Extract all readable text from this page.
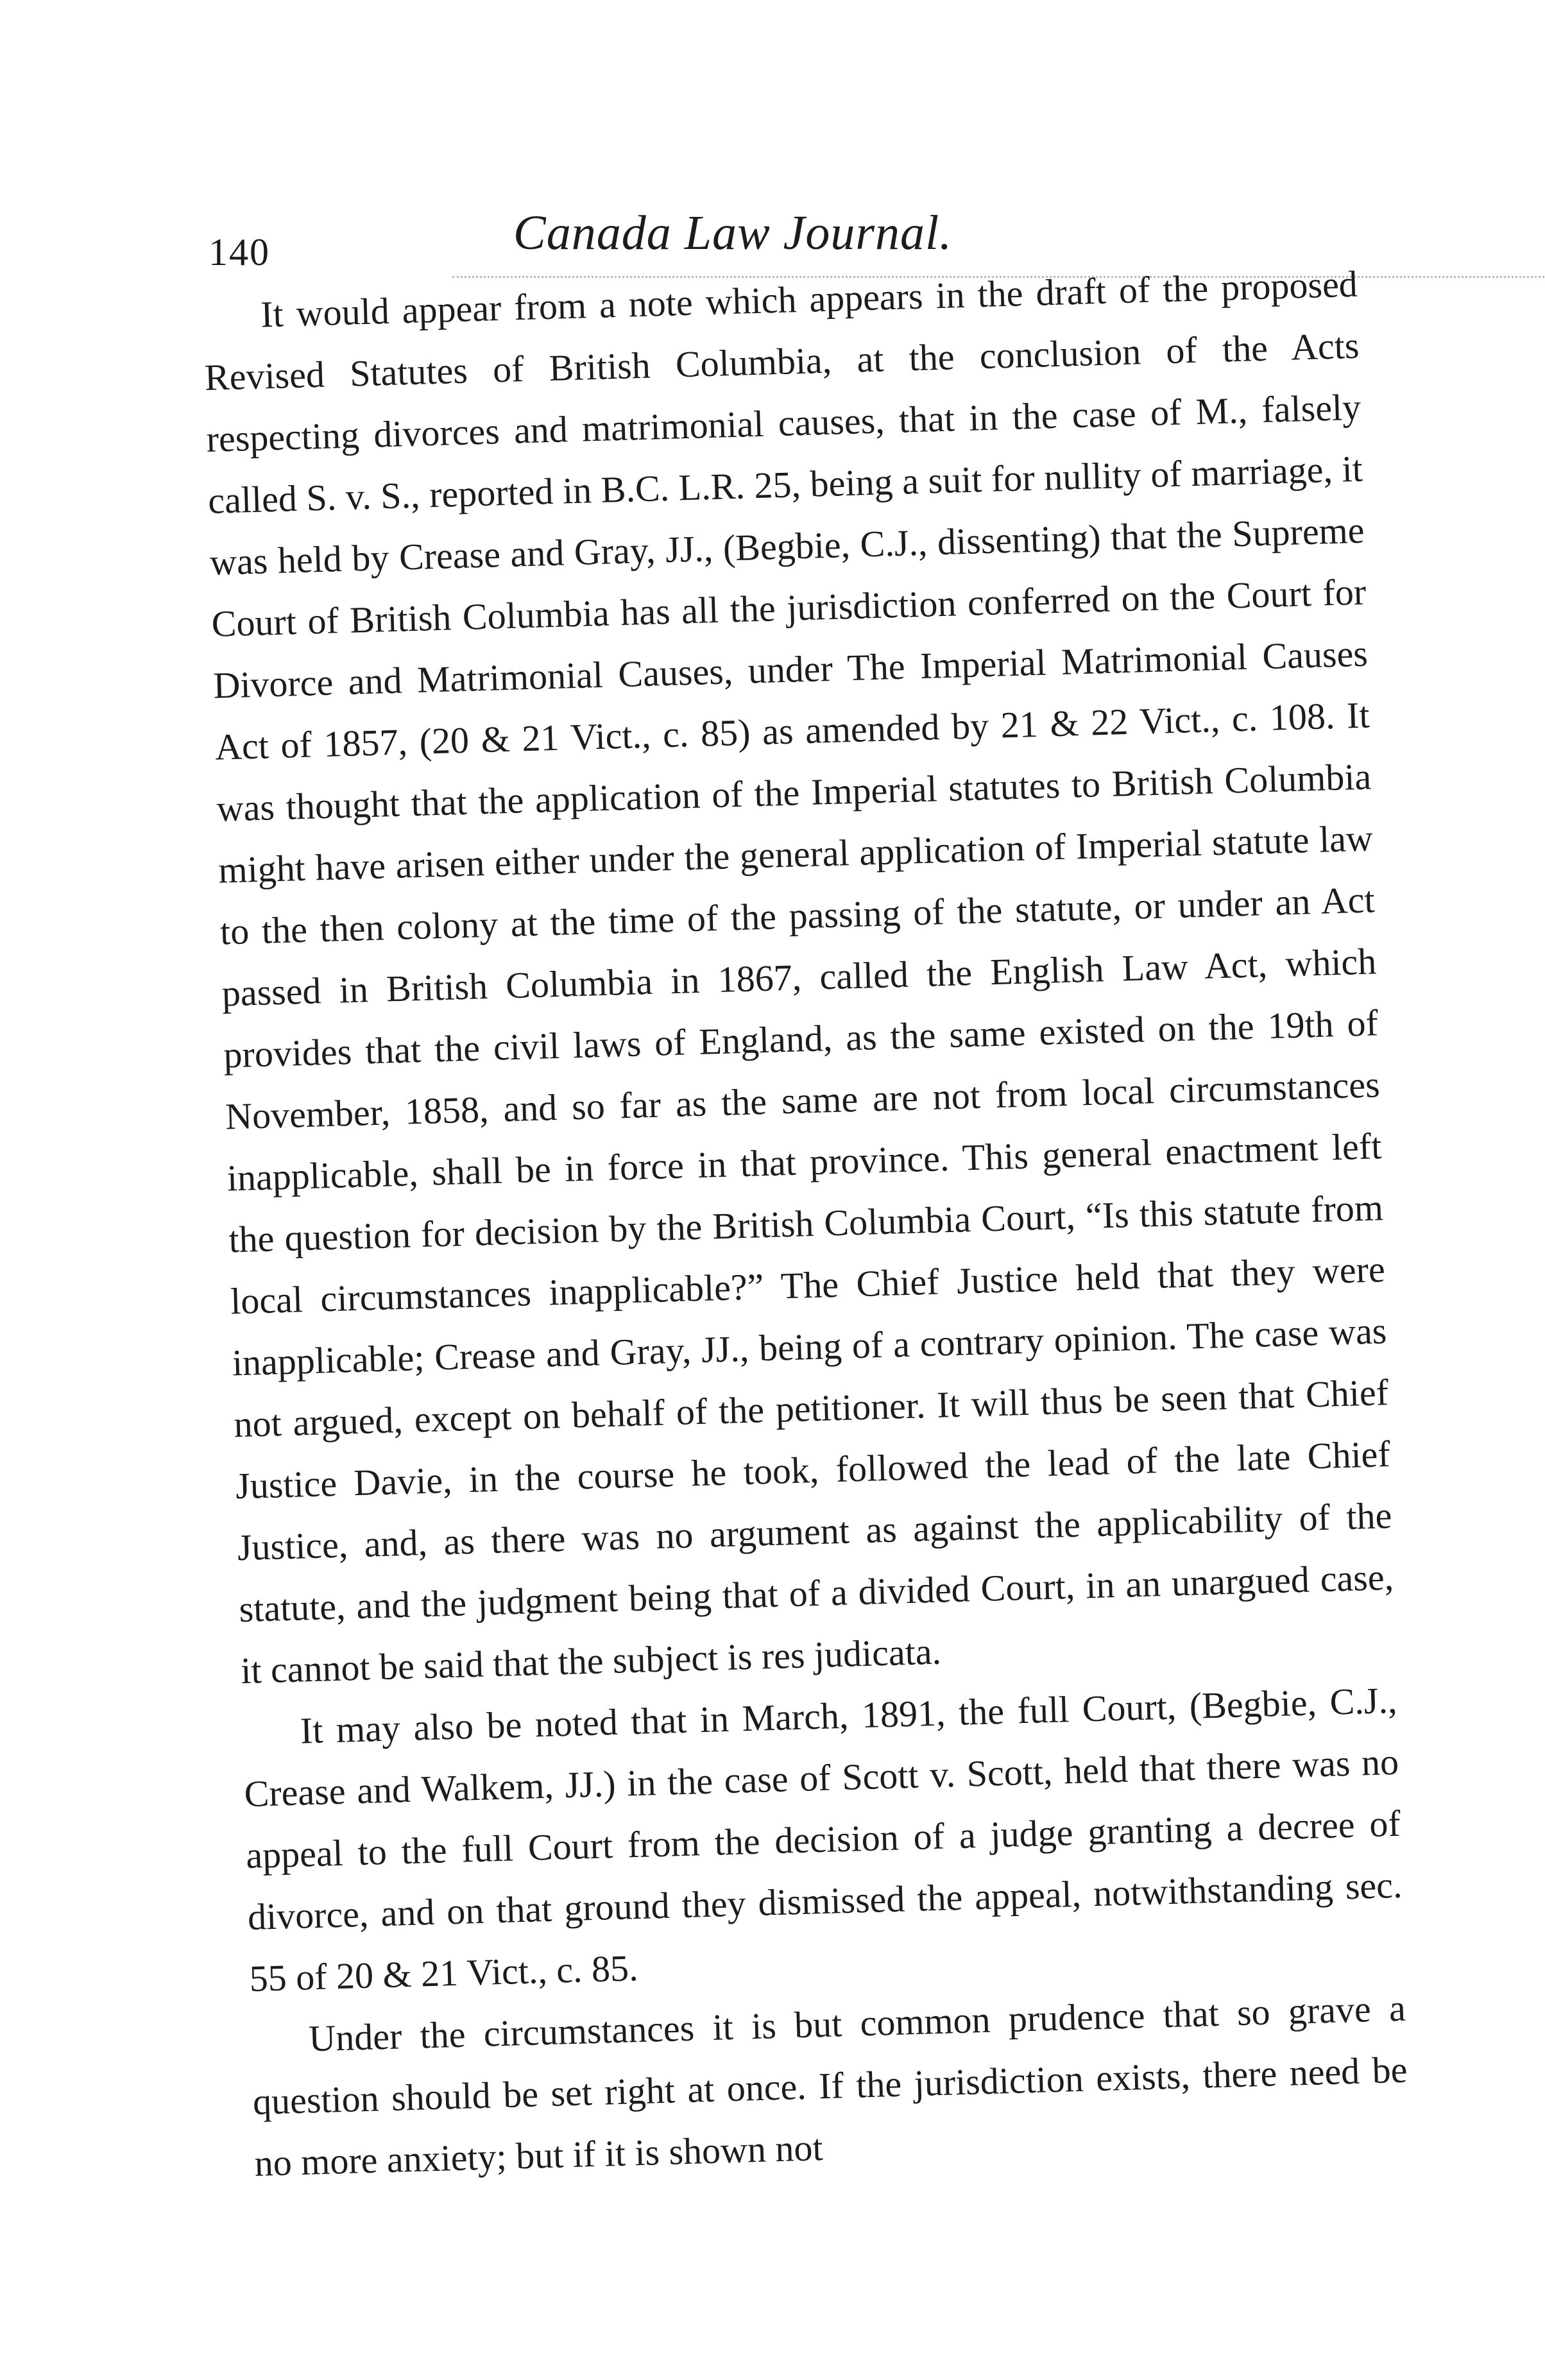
140	Canada Law Journal.

It would appear from a note which appears in the draft of the proposed Revised Statutes of British Columbia, at the conclusion of the Acts respecting divorces and matrimonial causes, that in the case of M., falsely called S. v. S., reported in B.C. L.R. 25, being a suit for nullity of marriage, it was held by Crease and Gray, JJ., (Begbie, C.J., dissenting) that the Supreme Court of British Columbia has all the jurisdiction conferred on the Court for Divorce and Matrimonial Causes, under The Imperial Matrimonial Causes Act of 1857, (20 & 21 Vict., c. 85) as amended by 21 & 22 Vict., c. 108. It was thought that the application of the Imperial statutes to British Columbia might have arisen either under the general application of Imperial statute law to the then colony at the time of the passing of the statute, or under an Act passed in British Columbia in 1867, called the English Law Act, which provides that the civil laws of England, as the same existed on the 19th of November, 1858, and so far as the same are not from local circumstances inapplicable, shall be in force in that province. This general enactment left the question for decision by the British Columbia Court, “Is this statute from local circumstances inapplicable?” The Chief Justice held that they were inapplicable; Crease and Gray, JJ., being of a contrary opinion. The case was not argued, except on behalf of the petitioner. It will thus be seen that Chief Justice Davie, in the course he took, followed the lead of the late Chief Justice, and, as there was no argument as against the applicability of the statute, and the judgment being that of a divided Court, in an unargued case, it cannot be said that the subject is res judicata.

It may also be noted that in March, 1891, the full Court, (Begbie, C.J., Crease and Walkem, JJ.) in the case of Scott v. Scott, held that there was no appeal to the full Court from the decision of a judge granting a decree of divorce, and on that ground they dismissed the appeal, notwithstanding sec. 55 of 20 & 21 Vict., c. 85.

Under the circumstances it is but common prudence that so grave a question should be set right at once. If the jurisdiction exists, there need be no more anxiety; but if it is shown not
